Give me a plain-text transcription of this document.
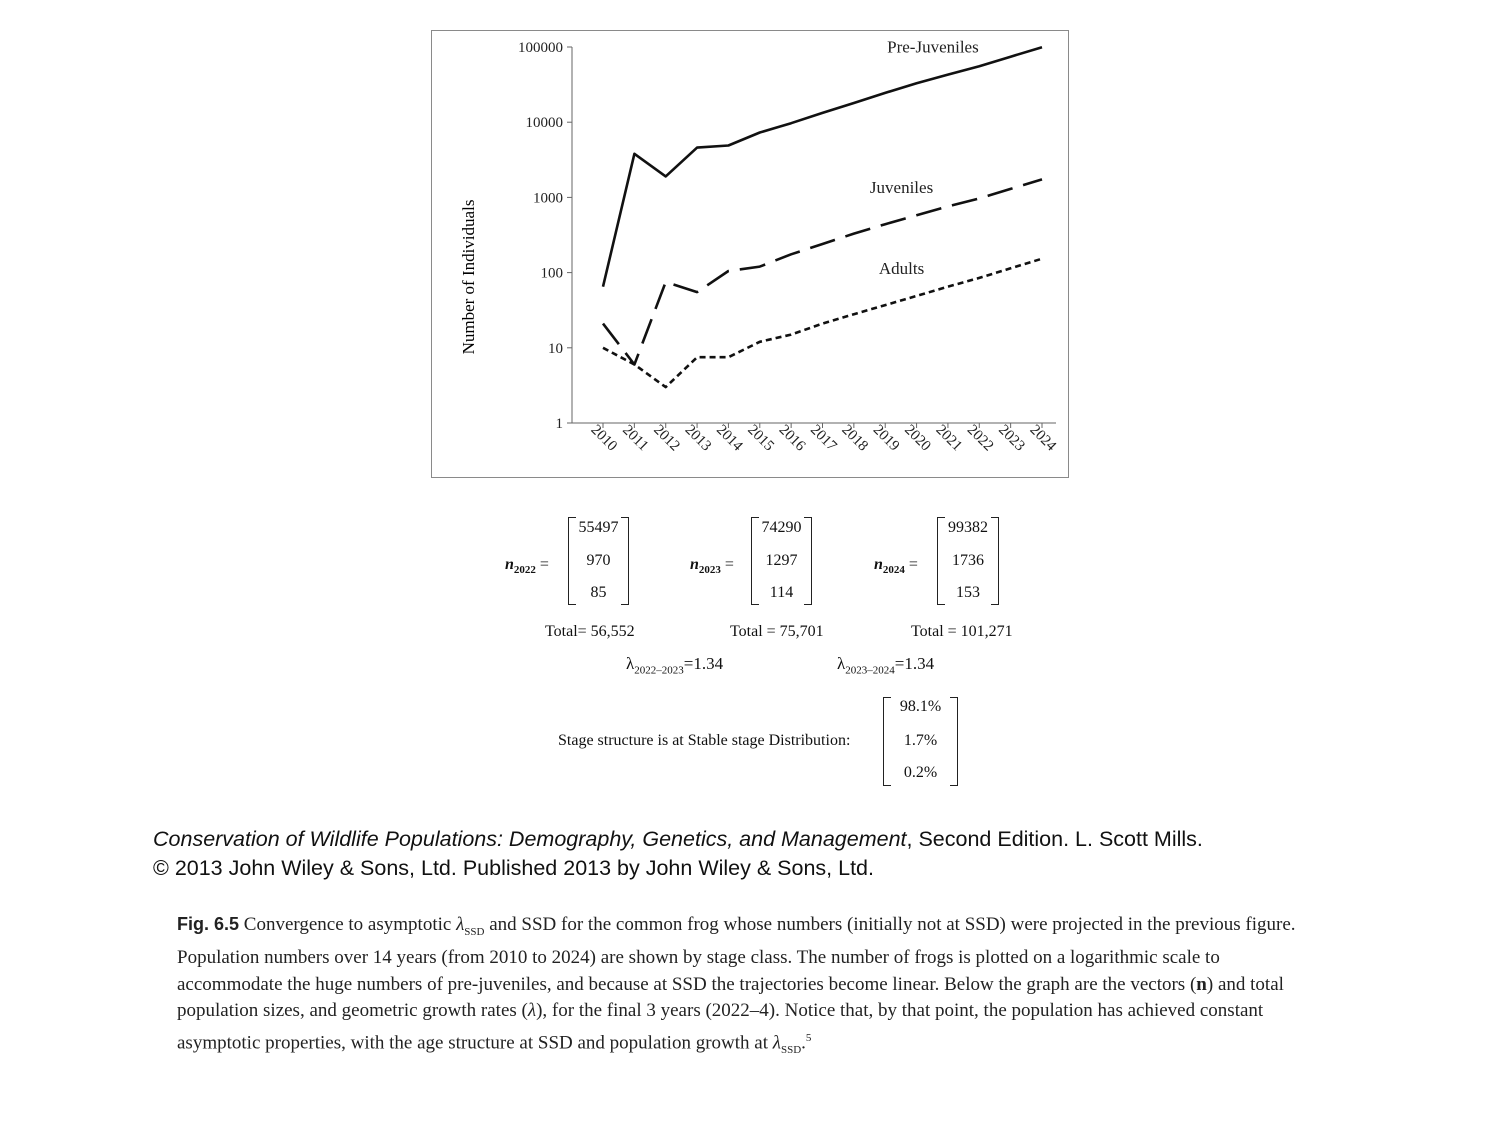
Number of Individuals
1
10
100
1000
10000
100000
2010 2011 2012
2013
2014
2015
2016
2017
2018
2019
2020
2021
2022
2023
2024
Pre-Juveniles
Juveniles
Adults
$n_{2022}$ =
55497
970
85
Total= 56,552
$n_{2023}$ =
74290
1297
114
Total = 75,701
$n_{2024}$ =
99382
1736
153
Total = 101,271
$\lambda_{2022-2023}=1.34$	$\lambda_{2023-2024}=1.34$
Stage structure is at Stable stage Distribution:
98.1%
1.7%
0.2%
Conservation of Wildlife Populations: Demography, Genetics, and Management, Second Edition. L. Scott Mills.
© 2013 John Wiley & Sons, Ltd. Published 2013 by John Wiley & Sons, Ltd.
Fig. 6.5 Convergence to asymptotic $\lambda_{SSD}$ and SSD for the common frog whose numbers (initially not at SSD) were projected in the previous figure. Population numbers over 14 years (from 2010 to 2024) are shown by stage class. The number of frogs is plotted on a logarithmic scale to accommodate the huge numbers of pre-juveniles, and because at SSD the trajectories become linear. Below the graph are the vectors (n) and total population sizes, and geometric growth rates (λ), for the final 3 years (2022–4). Notice that, by that point, the population has achieved constant asymptotic properties, with the age structure at SSD and population growth at $\lambda_{SSD}.^5$
